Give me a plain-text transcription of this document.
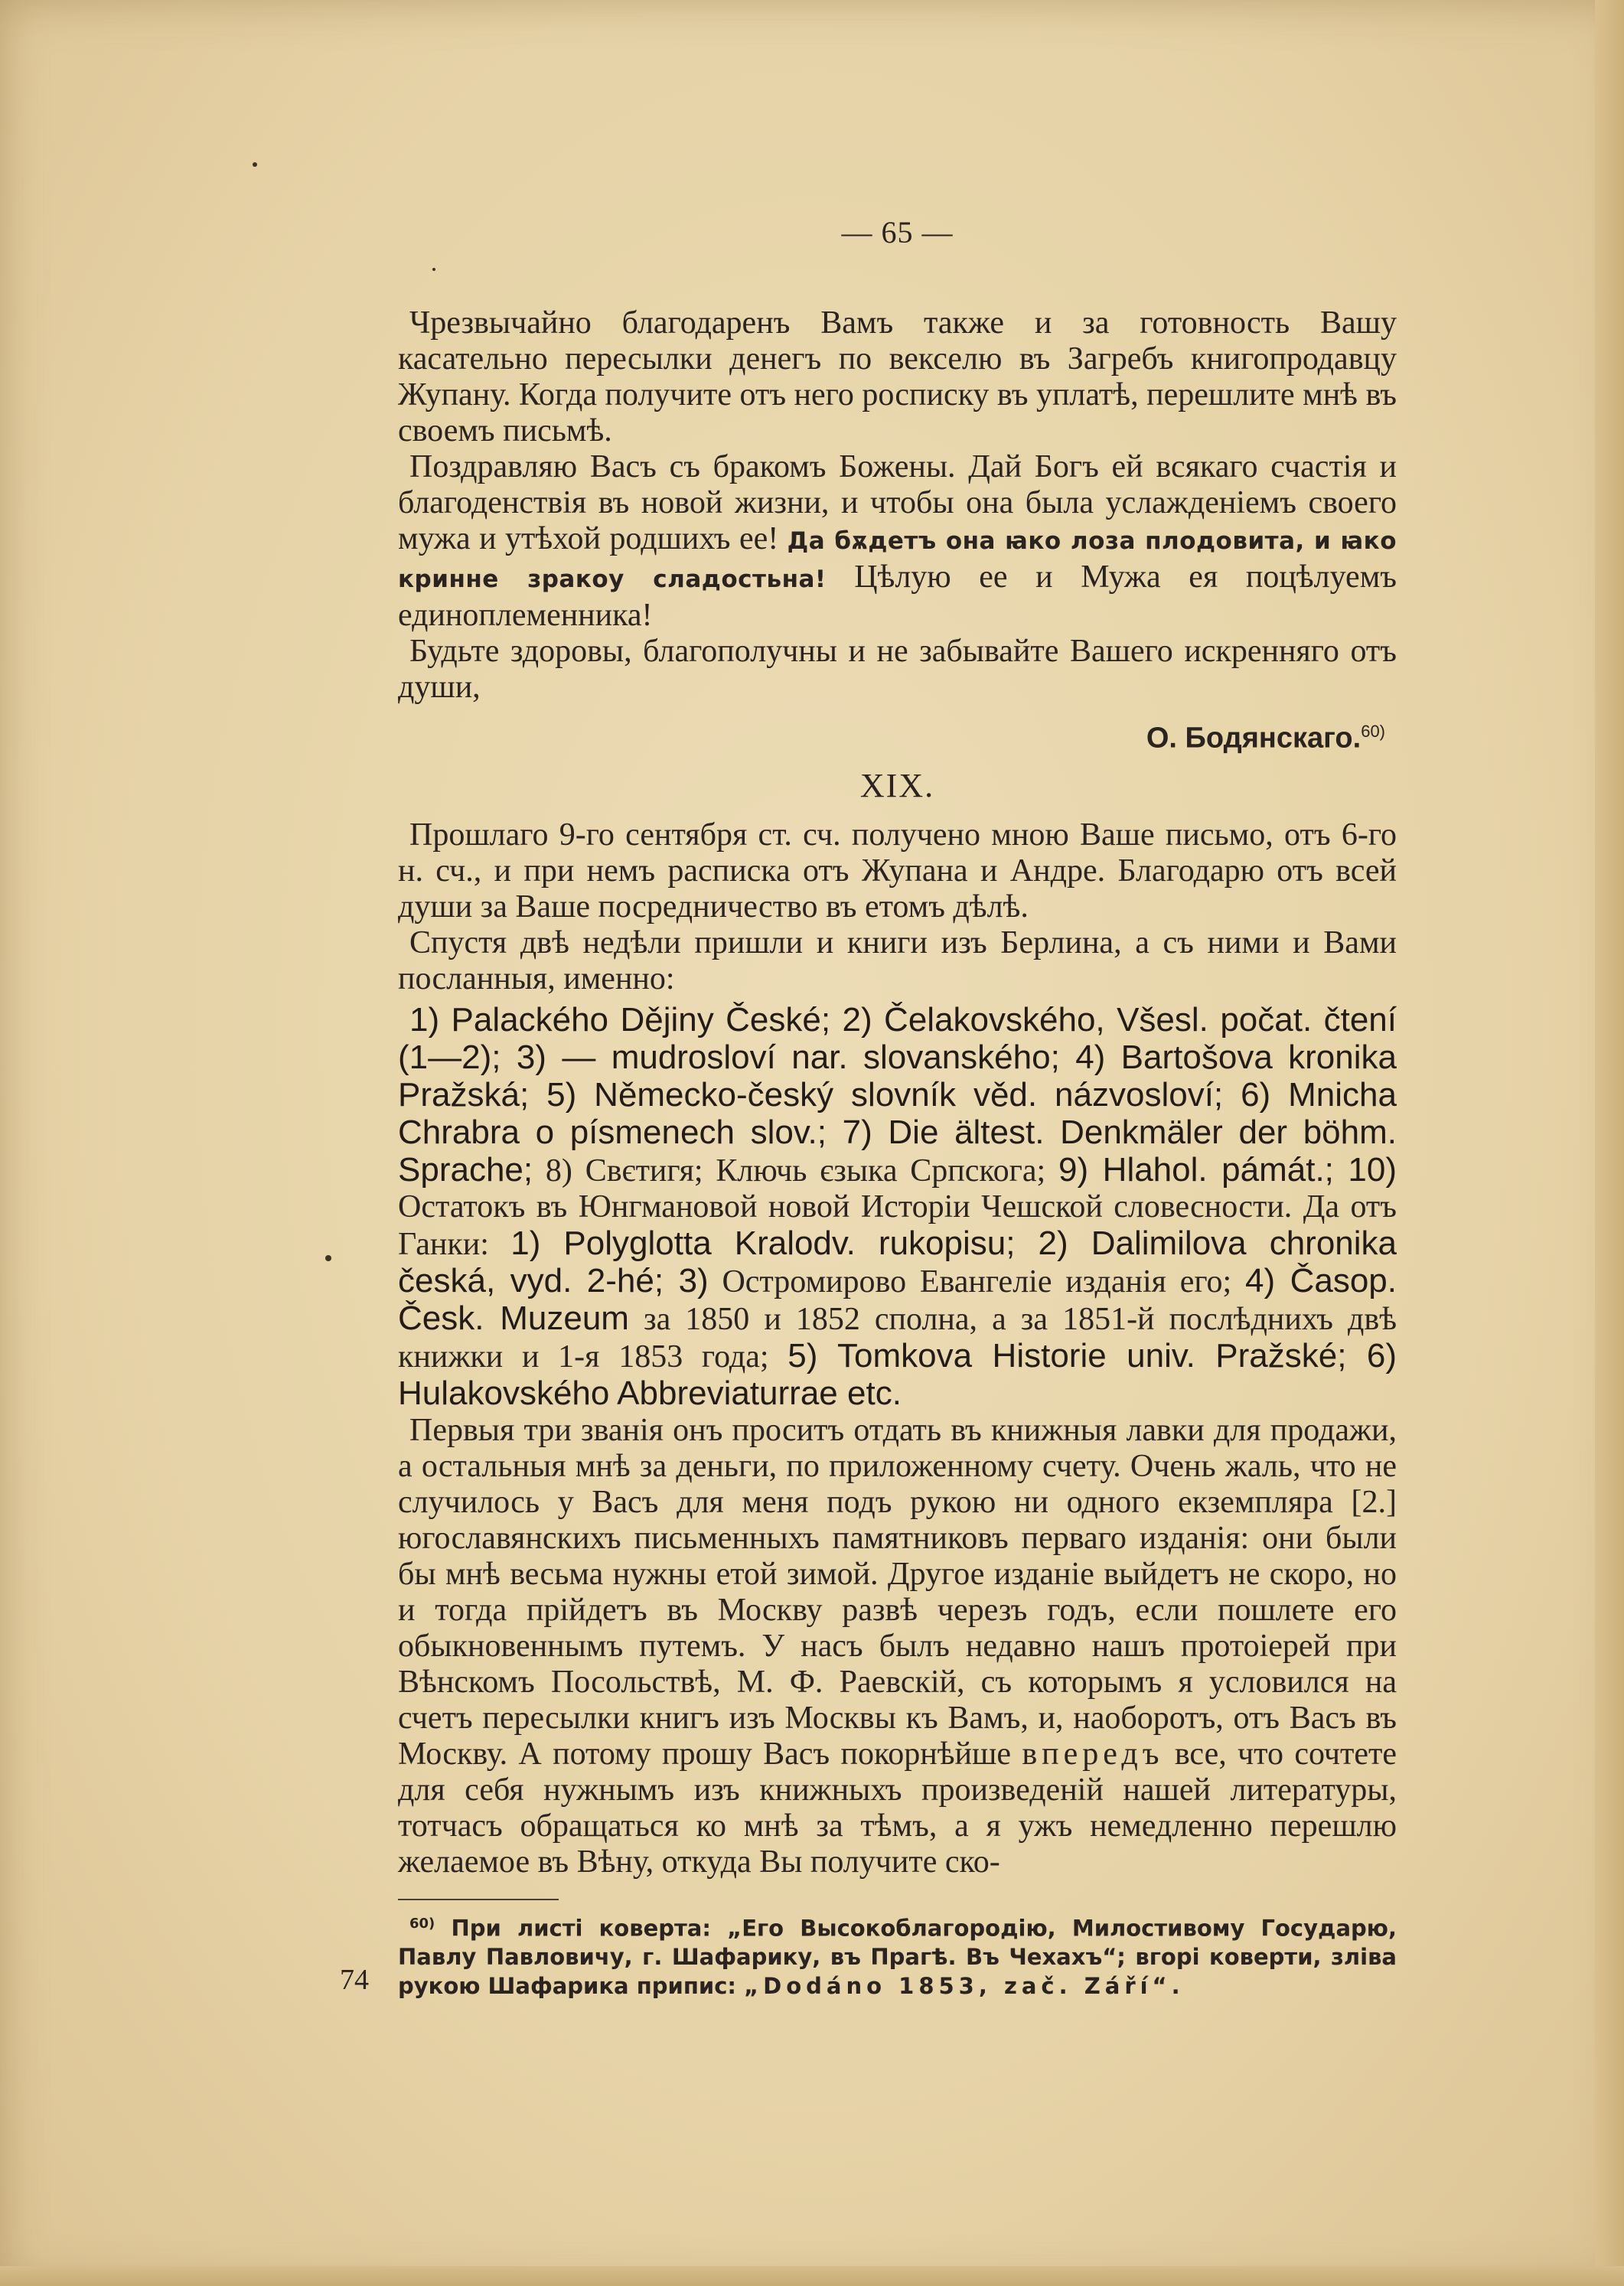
— 65 —

Чрезвычайно благодаренъ Вамъ также и за готовность Вашу касательно пересылки денегъ по векселю въ Загребъ книгопродавцу Жупану. Когда получите отъ него росписку въ уплатѣ, перешлите мнѣ въ своемъ письмѣ.

Поздравляю Васъ съ бракомъ Божены. Дай Богъ ей всякаго счастія и благоденствія въ новой жизни, и чтобы она была услажденіемъ своего мужа и утѣхой родшихъ ее! Да бѫдетъ она ꙗко лоза плодовита, и ꙗко кринне зракоу сладостьна! Цѣлую ее и Мужа ея поцѣлуемъ единоплеменника!

Будьте здоровы, благополучны и не забывайте Вашего искренняго отъ души,

О. Бодянскаго.$^{60)}$
XIX.

Прошлаго 9-го сентября ст. сч. получено мною Ваше письмо, отъ 6-го н. сч., и при немъ расписка отъ Жупана и Андре. Благодарю отъ всей души за Ваше посредничество въ етомъ дѣлѣ.

Спустя двѣ недѣли пришли и книги изъ Берлина, а съ ними и Вами посланныя, именно:

1) Palackého Dějiny České; 2) Čelakovského, Všesl. počat. čtení (1—2); 3) — mudrosloví nar. slovanského; 4) Bartošova kronika Pražská; 5) Německo-český slovník věd. názvosloví; 6) Mnicha Chrabra o písmenech slov.; 7) Die ältest. Denkmäler der böhm. Sprache; 8) Свєтигя; Ключь єзыка Српскога; 9) Hlahol. pámát.; 10) Остатокъ въ Юнгмановой новой Исторіи Чешской словесности. Да отъ Ганки: 1) Polyglotta Kralodv. rukopisu; 2) Dalimilova chronika česká, vyd. 2-hé; 3) Остромирово Евангеліе изданія его; 4) Časop. Česk. Muzeum за 1850 и 1852 сполна, а за 1851-й послѣднихъ двѣ книжки и 1-я 1853 года; 5) Tomkova Historie univ. Pražské; 6) Hulakovského Abbreviaturrae etc.

Первыя три званія онъ проситъ отдать въ книжныя лавки для продажи, а остальныя мнѣ за деньги, по приложенному счету. Очень жаль, что не случилось у Васъ для меня подъ рукою ни одного екземпляра [2.] югославянскихъ письменныхъ памятниковъ перваго изданія: они были бы мнѣ весьма нужны етой зимой. Другое изданіе выйдетъ не скоро, но и тогда прійдетъ въ Москву развѣ черезъ годъ, если пошлете его обыкновеннымъ путемъ. У насъ былъ недавно нашъ протоіерей при Вѣнскомъ Посольствѣ, М. Ф. Раевскій, съ которымъ я условился на счетъ пересылки книгъ изъ Москвы къ Вамъ, и, наоборотъ, отъ Васъ въ Москву. А потому прошу Васъ покорнѣйше впередъ все, что сочтете для себя нужнымъ изъ книжныхъ произведеній нашей литературы, тотчасъ обращаться ко мнѣ за тѣмъ, а я ужъ немедленно перешлю желаемое въ Вѣну, откуда Вы получите ско-

$^{60)}$ При листі коверта: „Его Высокоблагородію, Милостивому Государю, Павлу Павловичу, г. Шафарику, въ Прагѣ. Въ Чехахъ“; вгорі коверти, зліва рукою Шафарика припис: „Dodáno 1853, zač. Září“.

74
